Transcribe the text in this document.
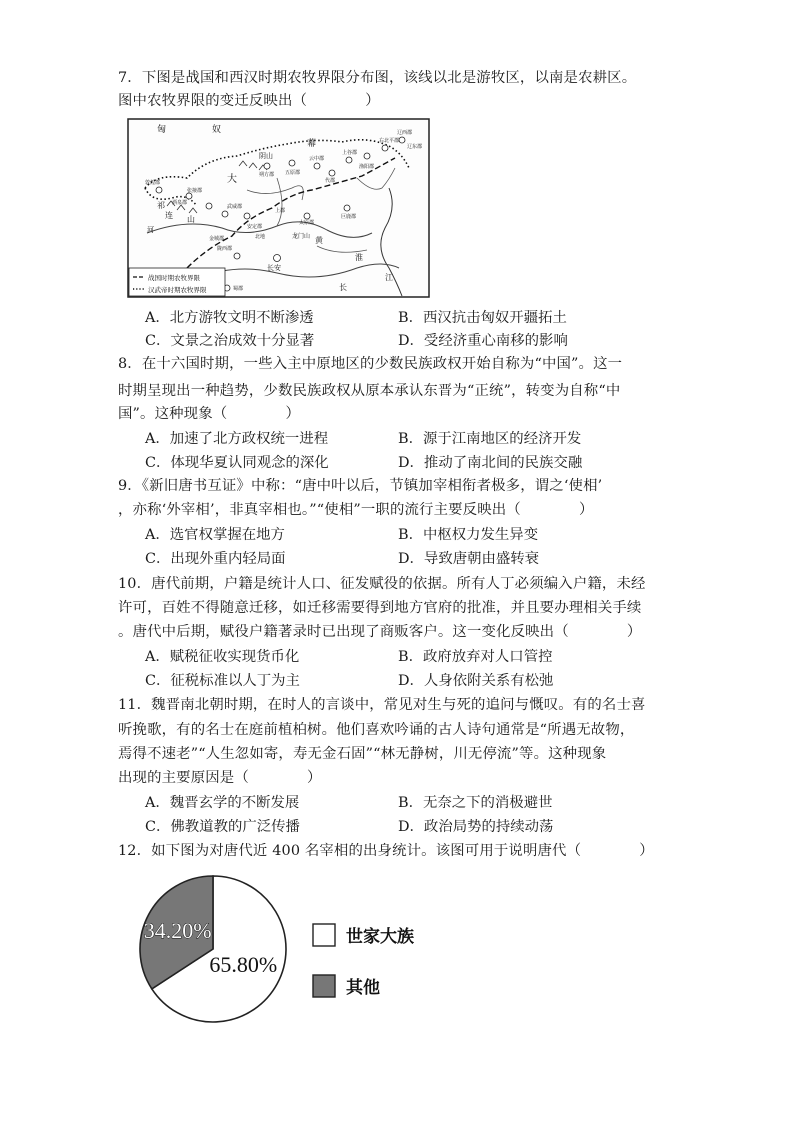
7．下图是战国和西汉时期农牧界限分布图，该线以北是游牧区，以南是农耕区。
图中农牧界限的变迁反映出（　　　　）
匈	奴
幕
大
祁
连 山
阴山
河
黄
淮
江
长安
龙门山
长
张掖郡
武威郡
安定郡
北地
上郡
云中郡
代郡
太原郡
上谷郡
右北平郡
渔阳郡
辽西郡
辽东郡
巨鹿郡
朔方郡 五原郡
敦煌郡
酒泉郡
陇西郡
蜀郡
金城郡
战国时期农牧界限
汉武帝时期农牧界限
A．北方游牧文明不断渗透	B．西汉抗击匈奴开疆拓土
C．文景之治成效十分显著	D．受经济重心南移的影响
8．在十六国时期，一些入主中原地区的少数民族政权开始自称为“中国”。这一
时期呈现出一种趋势，少数民族政权从原本承认东晋为“正统”，转变为自称“中
国”。这种现象（　　　　）
A．加速了北方政权统一进程	B．源于江南地区的经济开发
C．体现华夏认同观念的深化	D．推动了南北间的民族交融
9．《新旧唐书互证》中称：“唐中叶以后，节镇加宰相衔者极多，谓之‘使相’
，亦称‘外宰相’，非真宰相也。”“使相”一职的流行主要反映出（　　　　）
A．选官权掌握在地方	B．中枢权力发生异变
C．出现外重内轻局面	D．导致唐朝由盛转衰
10．唐代前期，户籍是统计人口、征发赋役的依据。所有人丁必须编入户籍，未经
许可，百姓不得随意迁移，如迁移需要得到地方官府的批准，并且要办理相关手续
。唐代中后期，赋役户籍著录时已出现了商贩客户。这一变化反映出（　　　　）
A．赋税征收实现货币化	B．政府放弃对人口管控
C．征税标准以人丁为主	D．人身依附关系有松弛
11．魏晋南北朝时期，在时人的言谈中，常见对生与死的追问与慨叹。有的名士喜
听挽歌，有的名士在庭前植柏树。他们喜欢吟诵的古人诗句通常是“所遇无故物，
焉得不速老”“人生忽如寄，寿无金石固”“林无静树，川无停流”等。这种现象
出现的主要原因是（　　　　）
A．魏晋玄学的不断发展	B．无奈之下的消极避世
C．佛教道教的广泛传播	D．政治局势的持续动荡
12．如下图为对唐代近 400 名宰相的出身统计。该图可用于说明唐代（　　　　）
65.80%
34.20%	世家大族
其他
